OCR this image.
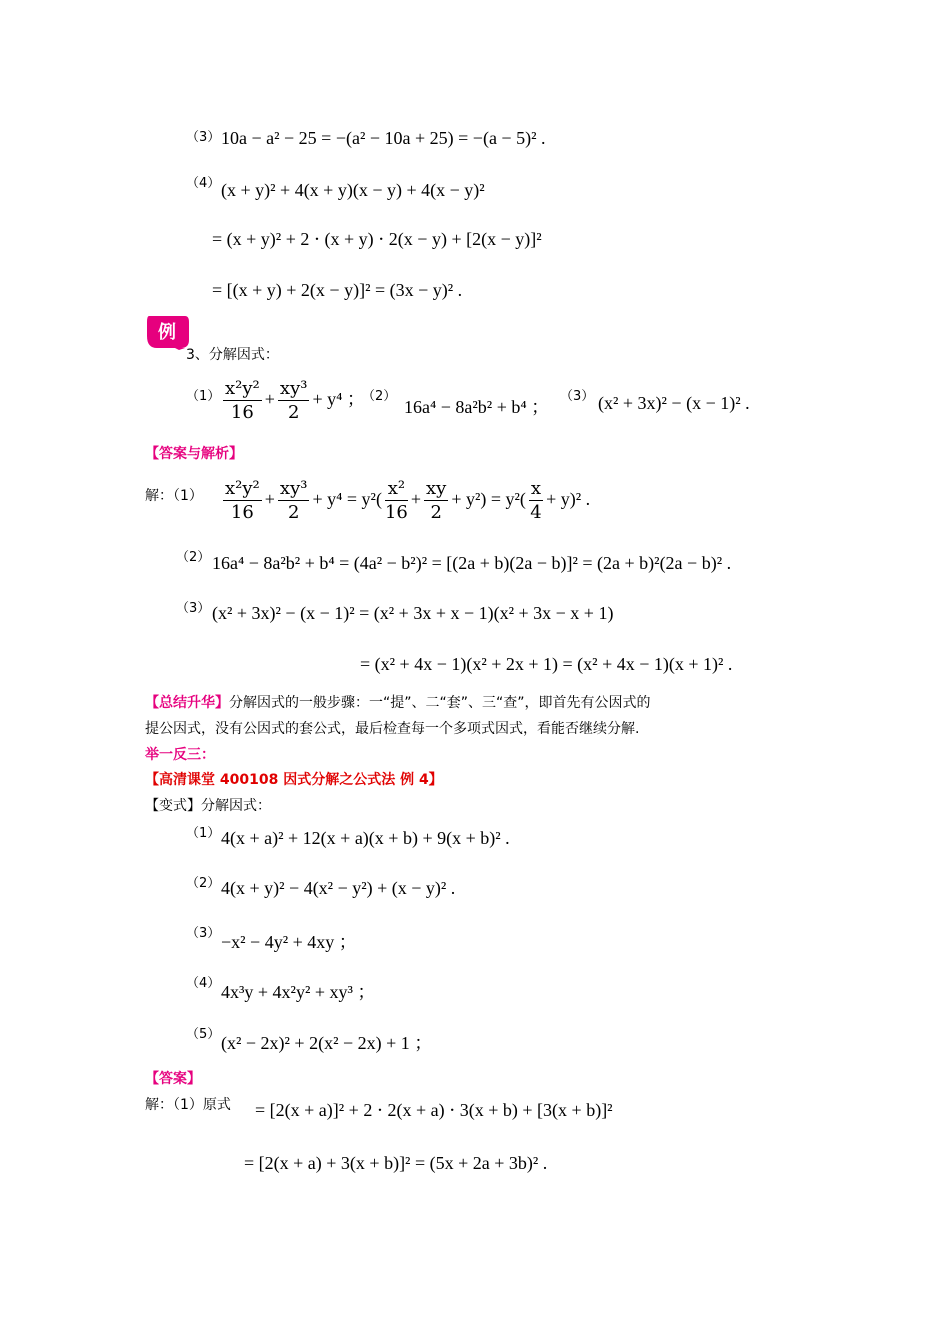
（3） 10a − a² − 25 = −(a² − 10a + 25) = −(a − 5)² .
（4） (x + y)² + 4(x + y)(x − y) + 4(x − y)²
= (x + y)² + 2 ⋅ (x + y) ⋅ 2(x − y) + [2(x − y)]²
= [(x + y) + 2(x − y)]² = (3x − y)² .
例
3、分解因式：
$(1) \frac{\text{x²y²}}{16} + \frac{\text{xy³}}{2} + y^4$ ；
（2）
16a⁴ − 8a²b² + b⁴ ；
（3） (x² + 3x)² − (x − 1)² .
【答案与解析】
解：$(1) \frac{\text{x²y²}}{16} + \frac{\text{xy³}}{2} + y^4 = y^2( \frac{\text{x²}}{16} + \frac{xy}{2} + y^2) = y^2( \frac{x}{4} + y)^2$ .
（2） 16a⁴ − 8a²b² + b⁴ = (4a² − b²)² = [(2a + b)(2a − b)]² = (2a + b)²(2a − b)² .
（3） (x² + 3x)² − (x − 1)² = (x² + 3x + x − 1)(x² + 3x − x + 1)
= (x² + 4x − 1)(x² + 2x + 1) = (x² + 4x − 1)(x + 1)² .
【总结升华】分解因式的一般步骤：一“提”、二“套”、三“查”，即首先有公因式的
提公因式，没有公因式的套公式，最后检查每一个多项式因式，看能否继续分解.
举一反三：
【高清课堂 400108 因式分解之公式法 例 4】
【变式】分解因式：
（1） 4(x + a)² + 12(x + a)(x + b) + 9(x + b)² .
（2） 4(x + y)² − 4(x² − y²) + (x − y)² .
（3） −x² − 4y² + 4xy ；
（4） 4x³y + 4x²y² + xy³ ；
（5） (x² − 2x)² + 2(x² − 2x) + 1 ；
【答案】
解：（1）原式 = [2(x + a)]² + 2 ⋅ 2(x + a) ⋅ 3(x + b) + [3(x + b)]²
= [2(x + a) + 3(x + b)]² = (5x + 2a + 3b)² .
